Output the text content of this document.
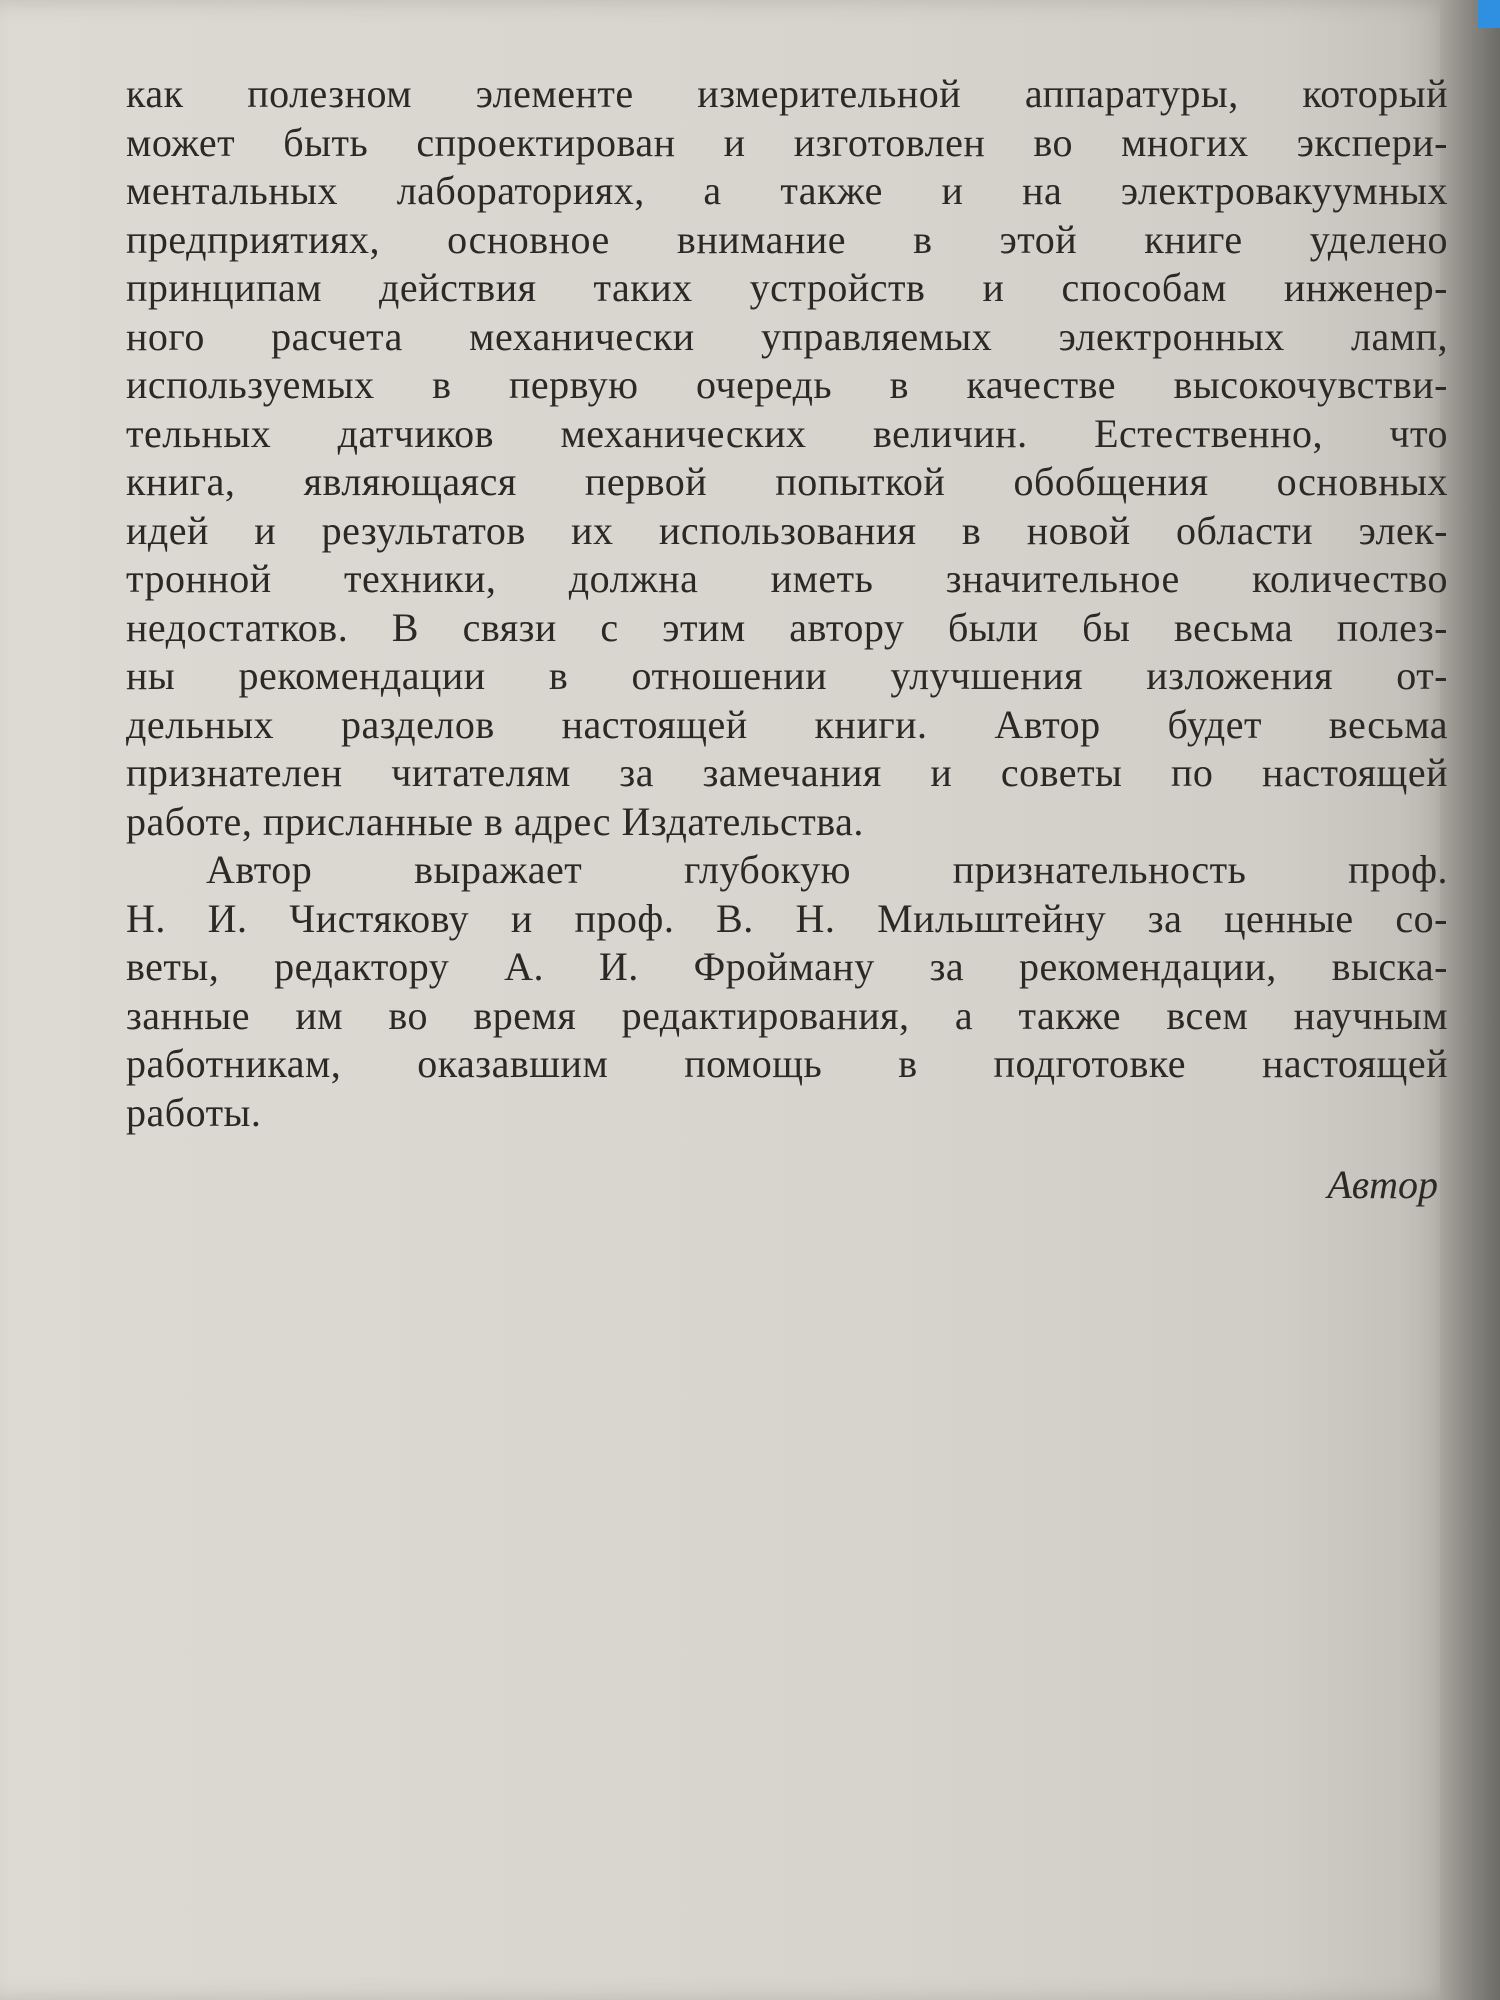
как полезном элементе измерительной аппаратуры, который
может быть спроектирован и изготовлен во многих экспери-
ментальных лабораториях, а также и на электровакуумных
предприятиях, основное внимание в этой книге уделено
принципам действия таких устройств и способам инженер-
ного расчета механически управляемых электронных ламп,
используемых в первую очередь в качестве высокочувстви-
тельных датчиков механических величин. Естественно, что
книга, являющаяся первой попыткой обобщения основных
идей и результатов их использования в новой области элек-
тронной техники, должна иметь значительное количество
недостатков. В связи с этим автору были бы весьма полез-
ны рекомендации в отношении улучшения изложения от-
дельных разделов настоящей книги. Автор будет весьма
признателен читателям за замечания и советы по настоящей
работе, присланные в адрес Издательства.
Автор выражает глубокую признательность проф.
Н. И. Чистякову и проф. В. Н. Мильштейну за ценные со-
веты, редактору А. И. Фройману за рекомендации, выска-
занные им во время редактирования, а также всем научным
работникам, оказавшим помощь в подготовке настоящей
работы.
Автор
